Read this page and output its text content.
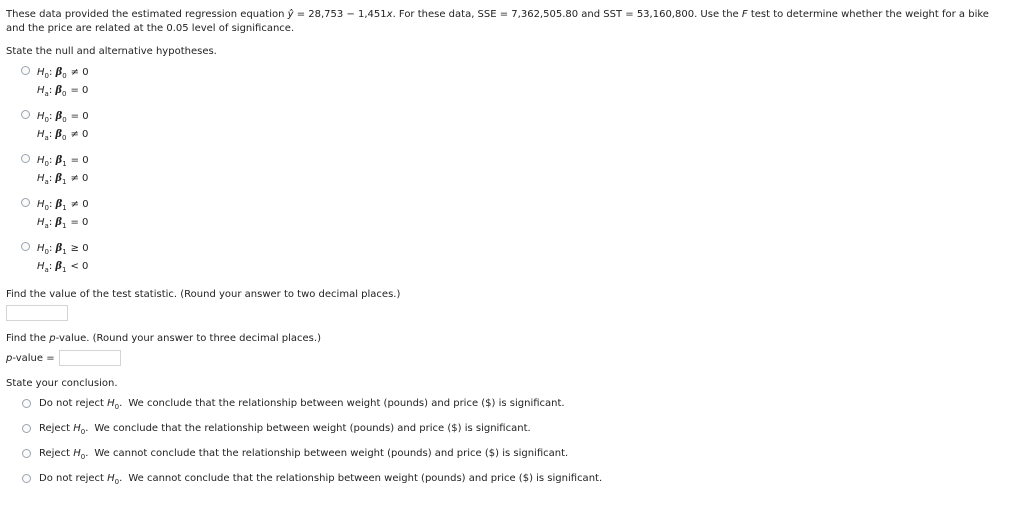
These data provided the estimated regression equation ŷ = 28,753 − 1,451x. For these data, SSE = 7,362,505.80 and SST = 53,160,800. Use the F test to determine whether the weight for a bike
and the price are related at the 0.05 level of significance.
State the null and alternative hypotheses.
$H_0$: $\beta_0 \ne 0$
$H_a$: $\beta_0 = 0$
$H_0$: $\beta_0 = 0$
$H_a$: $\beta_0 \ne 0$
$H_0$: $\beta_1 = 0$
$H_a$: $\beta_1 \ne 0$
$H_0$: $\beta_1 \ne 0$
$H_a$: $\beta_1 = 0$
$H_0$: $\beta_1 \ge 0$
$H_a$: $\beta_1 < 0$
Find the value of the test statistic. (Round your answer to two decimal places.)
Find the p-value. (Round your answer to three decimal places.)
p-value =
State your conclusion.
Do not reject $H_0$. We conclude that the relationship between weight (pounds) and price ($) is significant.
Reject $H_0$. We conclude that the relationship between weight (pounds) and price ($) is significant.
Reject $H_0$. We cannot conclude that the relationship between weight (pounds) and price ($) is significant.
Do not reject $H_0$. We cannot conclude that the relationship between weight (pounds) and price ($) is significant.
